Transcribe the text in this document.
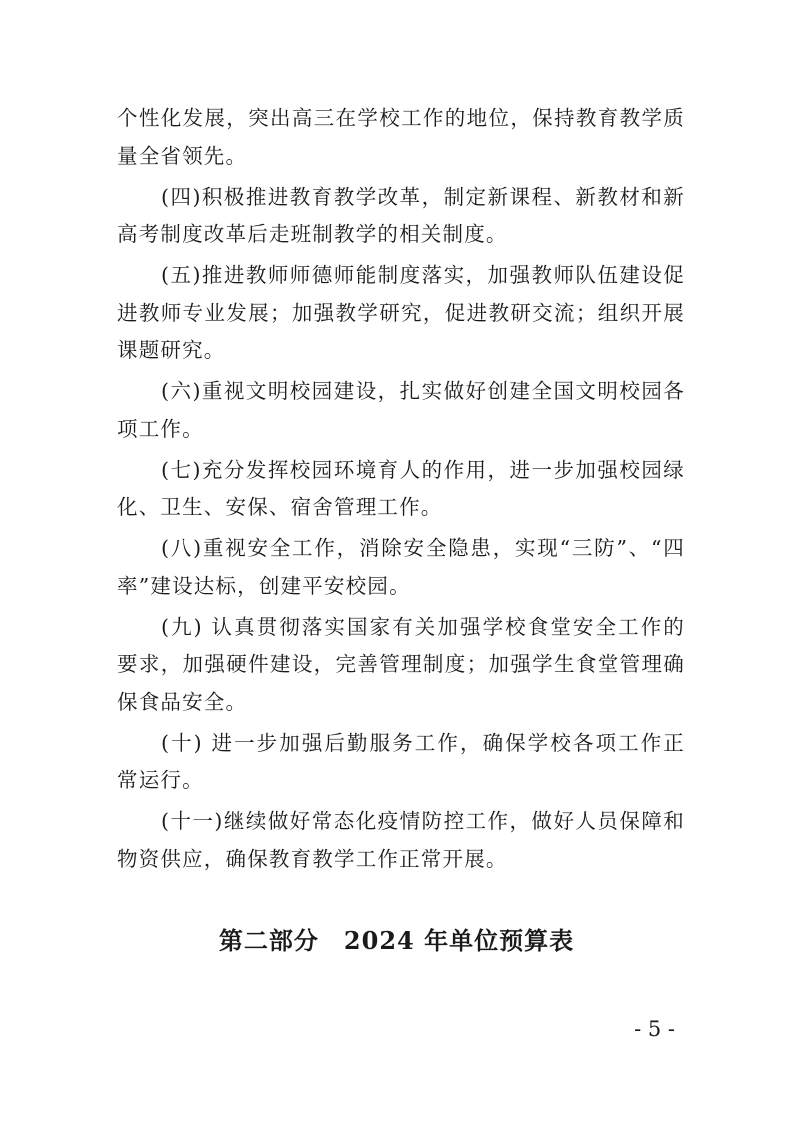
个性化发展，突出高三在学校工作的地位，保持教育教学质量全省领先。

(四)积极推进教育教学改革，制定新课程、新教材和新高考制度改革后走班制教学的相关制度。

(五)推进教师师德师能制度落实，加强教师队伍建设促进教师专业发展；加强教学研究，促进教研交流；组织开展课题研究。

(六)重视文明校园建设，扎实做好创建全国文明校园各项工作。

(七)充分发挥校园环境育人的作用，进一步加强校园绿化、卫生、安保、宿舍管理工作。

(八)重视安全工作，消除安全隐患，实现“三防”、“四率”建设达标，创建平安校园。

(九) 认真贯彻落实国家有关加强学校食堂安全工作的要求，加强硬件建设，完善管理制度；加强学生食堂管理确保食品安全。

(十) 进一步加强后勤服务工作，确保学校各项工作正常运行。

(十一)继续做好常态化疫情防控工作，做好人员保障和物资供应，确保教育教学工作正常开展。

第二部分　2024 年单位预算表
- 5 -
